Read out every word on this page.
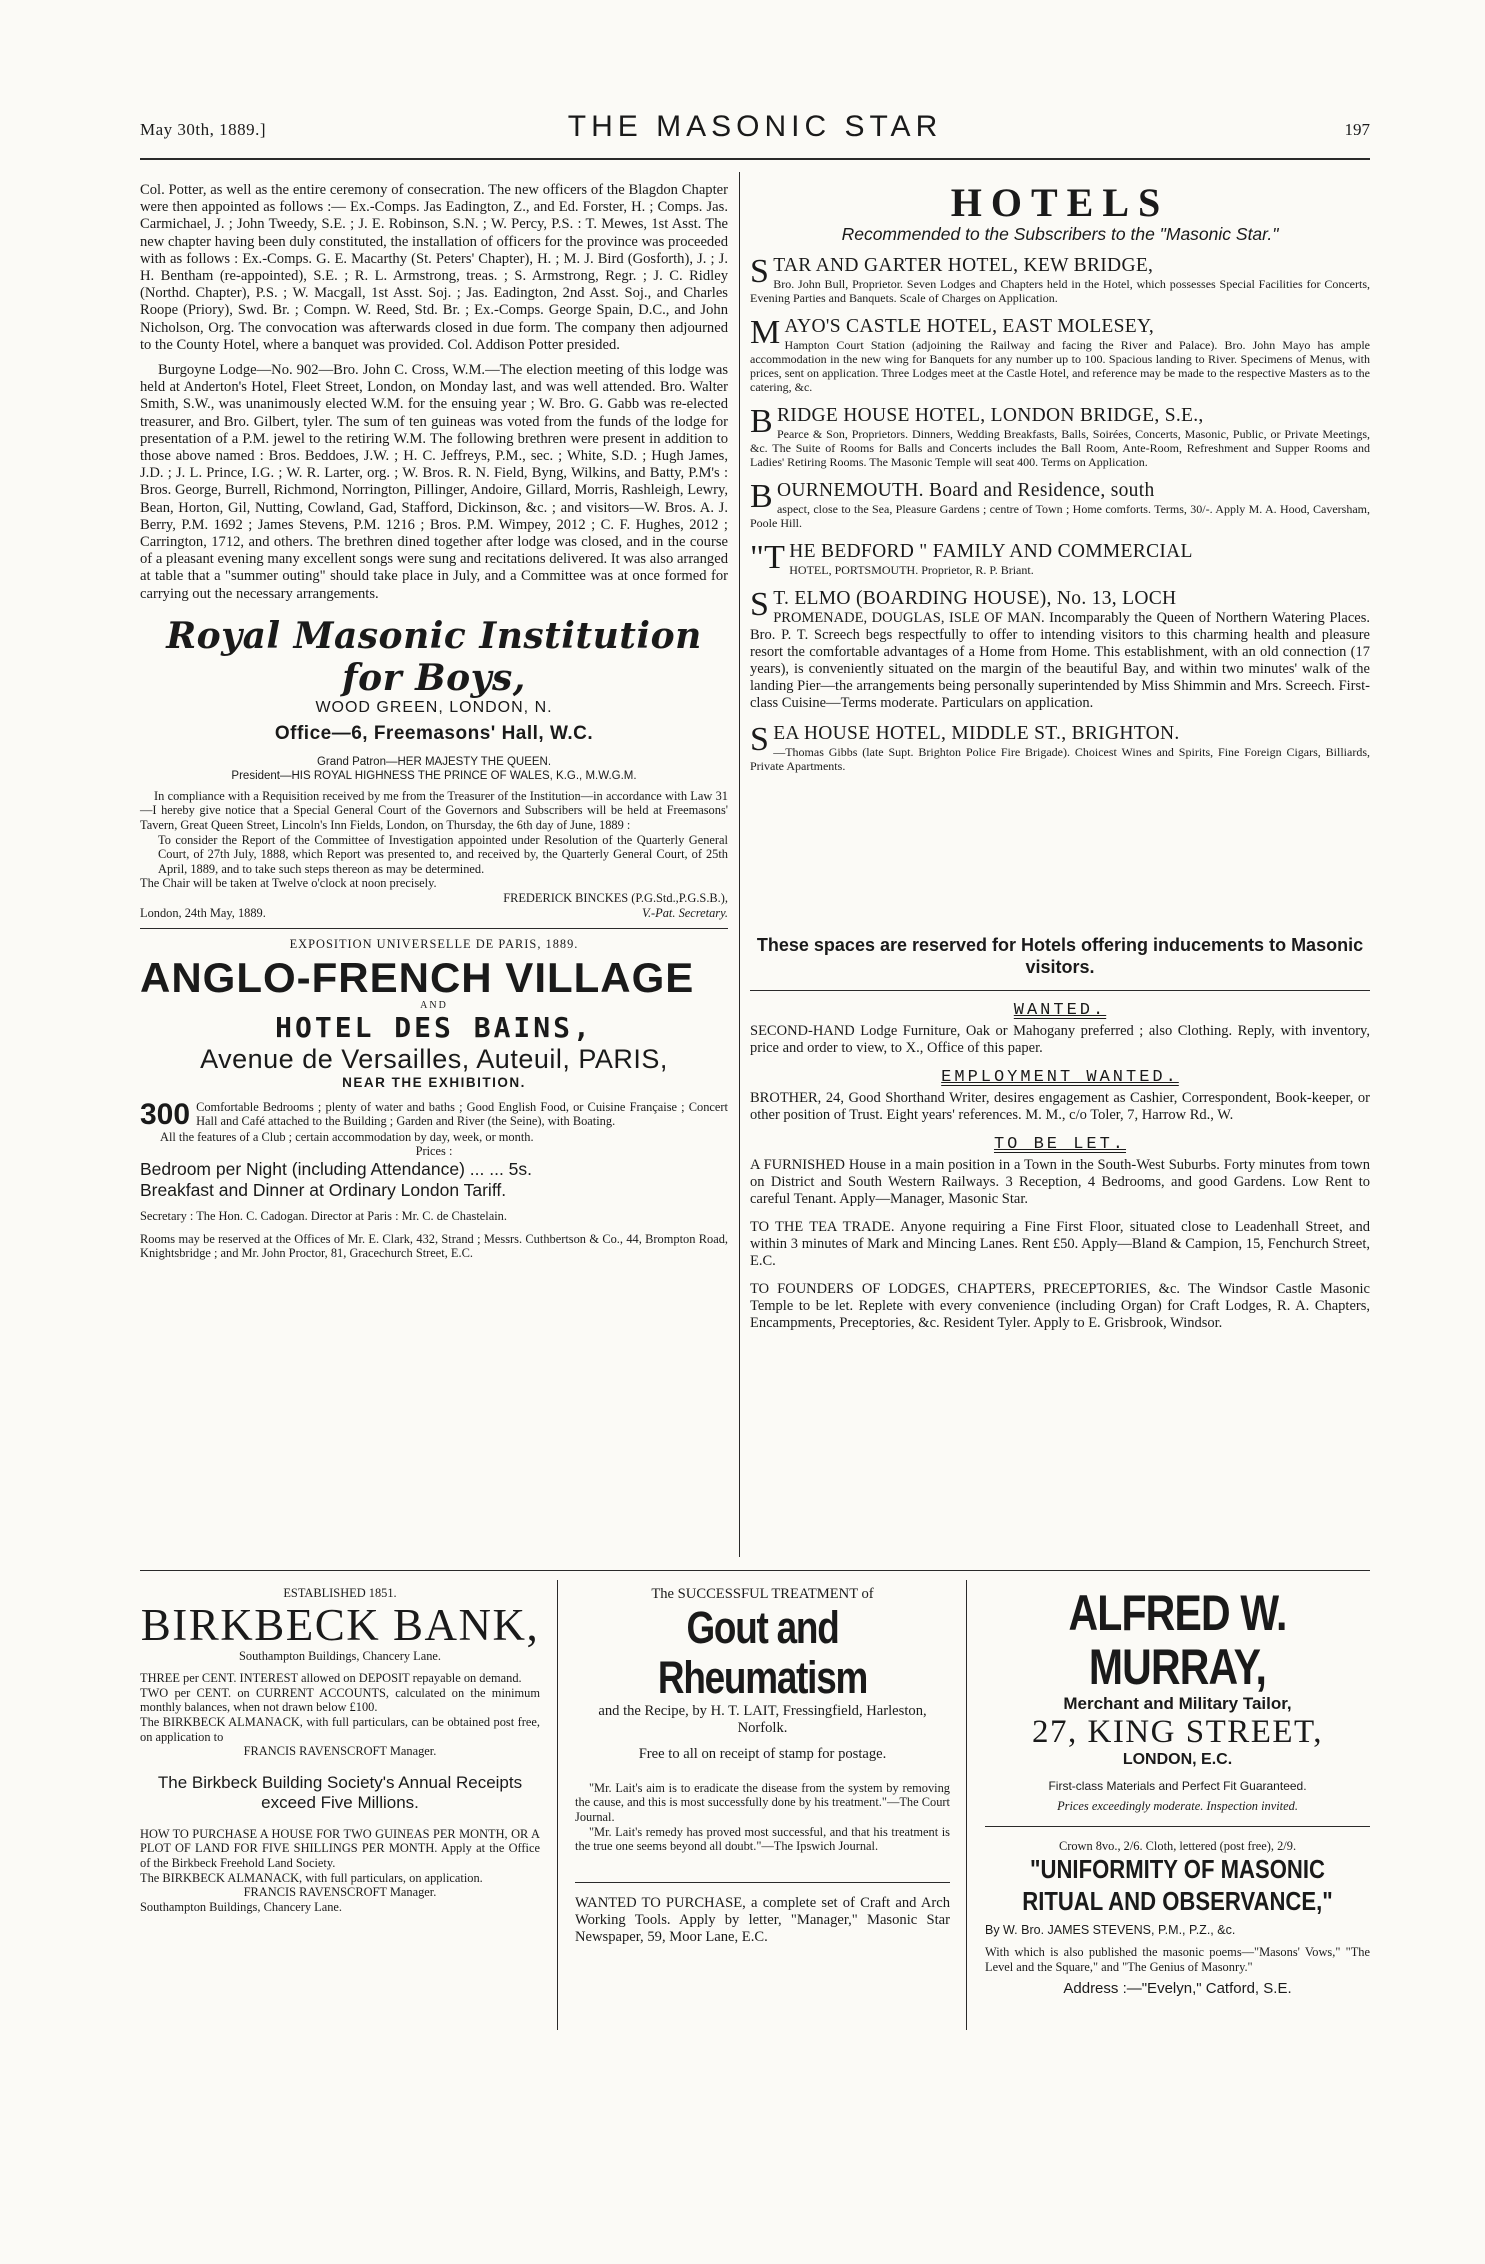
May 30th, 1889.]	THE MASONIC STAR	197
Col. Potter, as well as the entire ceremony of consecration. The new officers of the Blagdon Chapter were then appointed as follows :— Ex.-Comps. Jas Eadington, Z., and Ed. Forster, H. ; Comps. Jas. Carmichael, J. ; John Tweedy, S.E. ; J. E. Robinson, S.N. ; W. Percy, P.S. : T. Mewes, 1st Asst. The new chapter having been duly constituted, the installation of officers for the province was proceeded with as follows : Ex.-Comps. G. E. Macarthy (St. Peters' Chapter), H. ; M. J. Bird (Gosforth), J. ; J. H. Bentham (re-appointed), S.E. ; R. L. Armstrong, treas. ; S. Armstrong, Regr. ; J. C. Ridley (Northd. Chapter), P.S. ; W. Macgall, 1st Asst. Soj. ; Jas. Eadington, 2nd Asst. Soj., and Charles Roope (Priory), Swd. Br. ; Compn. W. Reed, Std. Br. ; Ex.-Comps. George Spain, D.C., and John Nicholson, Org. The convocation was afterwards closed in due form. The company then adjourned to the County Hotel, where a banquet was provided. Col. Addison Potter presided.
Burgoyne Lodge—No. 902—Bro. John C. Cross, W.M.—The election meeting of this lodge was held at Anderton's Hotel, Fleet Street, London, on Monday last, and was well attended. Bro. Walter Smith, S.W., was unanimously elected W.M. for the ensuing year ; W. Bro. G. Gabb was re-elected treasurer, and Bro. Gilbert, tyler. The sum of ten guineas was voted from the funds of the lodge for presentation of a P.M. jewel to the retiring W.M. The following brethren were present in addition to those above named : Bros. Beddoes, J.W. ; H. C. Jeffreys, P.M., sec. ; White, S.D. ; Hugh James, J.D. ; J. L. Prince, I.G. ; W. R. Larter, org. ; W. Bros. R. N. Field, Byng, Wilkins, and Batty, P.M's : Bros. George, Burrell, Richmond, Norrington, Pillinger, Andoire, Gillard, Morris, Rashleigh, Lewry, Bean, Horton, Gil, Nutting, Cowland, Gad, Stafford, Dickinson, &c. ; and visitors—W. Bros. A. J. Berry, P.M. 1692 ; James Stevens, P.M. 1216 ; Bros. P.M. Wimpey, 2012 ; C. F. Hughes, 2012 ; Carrington, 1712, and others. The brethren dined together after lodge was closed, and in the course of a pleasant evening many excellent songs were sung and recitations delivered. It was also arranged at table that a "summer outing" should take place in July, and a Committee was at once formed for carrying out the necessary arrangements.
Royal Masonic Institution for Boys,
WOOD GREEN, LONDON, N.
Office—6, Freemasons' Hall, W.C.
Grand Patron—HER MAJESTY THE QUEEN.
President—HIS ROYAL HIGHNESS THE PRINCE OF WALES, K.G., M.W.G.M.
In compliance with a Requisition received by me from the Treasurer of the Institution—in accordance with Law 31—I hereby give notice that a Special General Court of the Governors and Subscribers will be held at Freemasons' Tavern, Great Queen Street, Lincoln's Inn Fields, London, on Thursday, the 6th day of June, 1889 :
To consider the Report of the Committee of Investigation appointed under Resolution of the Quarterly General Court, of 27th July, 1888, which Report was presented to, and received by, the Quarterly General Court, of 25th April, 1889, and to take such steps thereon as may be determined.
The Chair will be taken at Twelve o'clock at noon precisely.
FREDERICK BINCKES (P.G.Std.,P.G.S.B.),
London, 24th May, 1889.	V.-Pat. Secretary.
EXPOSITION UNIVERSELLE DE PARIS, 1889.
ANGLO-FRENCH VILLAGE
AND
HOTEL DES BAINS,
Avenue de Versailles, Auteuil, PARIS,
NEAR THE EXHIBITION.
300 Comfortable Bedrooms ; plenty of water and baths ; Good English Food, or Cuisine Française ; Concert Hall and Café attached to the Building ; Garden and River (the Seine), with Boating.
All the features of a Club ; certain accommodation by day, week, or month.
Prices :
Bedroom per Night (including Attendance) ... ... 5s.
Breakfast and Dinner at Ordinary London Tariff.
Secretary : The Hon. C. Cadogan. Director at Paris : Mr. C. de Chastelain.
Rooms may be reserved at the Offices of Mr. E. Clark, 432, Strand ; Messrs. Cuthbertson & Co., 44, Brompton Road, Knightsbridge ; and Mr. John Proctor, 81, Gracechurch Street, E.C.
HOTELS
Recommended to the Subscribers to the "Masonic Star."
STAR AND GARTER HOTEL, KEW BRIDGE,
Bro. John Bull, Proprietor. Seven Lodges and Chapters held in the Hotel, which possesses Special Facilities for Concerts, Evening Parties and Banquets. Scale of Charges on Application.
MAYO'S CASTLE HOTEL, EAST MOLESEY,
Hampton Court Station (adjoining the Railway and facing the River and Palace). Bro. John Mayo has ample accommodation in the new wing for Banquets for any number up to 100. Spacious landing to River. Specimens of Menus, with prices, sent on application. Three Lodges meet at the Castle Hotel, and reference may be made to the respective Masters as to the catering, &c.
BRIDGE HOUSE HOTEL, LONDON BRIDGE, S.E.,
Pearce & Son, Proprietors. Dinners, Wedding Breakfasts, Balls, Soirées, Concerts, Masonic, Public, or Private Meetings, &c. The Suite of Rooms for Balls and Concerts includes the Ball Room, Ante-Room, Refreshment and Supper Rooms and Ladies' Retiring Rooms. The Masonic Temple will seat 400. Terms on Application.
BOURNEMOUTH. Board and Residence, south
aspect, close to the Sea, Pleasure Gardens ; centre of Town ; Home comforts. Terms, 30/-. Apply M. A. Hood, Caversham, Poole Hill.
"THE BEDFORD " FAMILY AND COMMERCIAL
HOTEL, PORTSMOUTH. Proprietor, R. P. Briant.
S T. ELMO (BOARDING HOUSE), No. 13, LOCH
PROMENADE, DOUGLAS, ISLE OF MAN. Incomparably the Queen of Northern Watering Places. Bro. P. T. Screech begs respectfully to offer to intending visitors to this charming health and pleasure resort the comfortable advantages of a Home from Home. This establishment, with an old connection (17 years), is conveniently situated on the margin of the beautiful Bay, and within two minutes' walk of the landing Pier—the arrangements being personally superintended by Miss Shimmin and Mrs. Screech. First-class Cuisine—Terms moderate. Particulars on application.
SEA HOUSE HOTEL, MIDDLE ST., BRIGHTON.
—Thomas Gibbs (late Supt. Brighton Police Fire Brigade). Choicest Wines and Spirits, Fine Foreign Cigars, Billiards, Private Apartments.
These spaces are reserved for Hotels offering inducements to Masonic visitors.
WANTED.
SECOND-HAND Lodge Furniture, Oak or Mahogany preferred ; also Clothing. Reply, with inventory, price and order to view, to X., Office of this paper.
EMPLOYMENT WANTED.
BROTHER, 24, Good Shorthand Writer, desires engagement as Cashier, Correspondent, Book-keeper, or other position of Trust. Eight years' references. M. M., c/o Toler, 7, Harrow Rd., W.
TO BE LET.
A FURNISHED House in a main position in a Town in the South-West Suburbs. Forty minutes from town on District and South Western Railways. 3 Reception, 4 Bedrooms, and good Gardens. Low Rent to careful Tenant. Apply—Manager, Masonic Star.
TO THE TEA TRADE. Anyone requiring a Fine First Floor, situated close to Leadenhall Street, and within 3 minutes of Mark and Mincing Lanes. Rent £50. Apply—Bland & Campion, 15, Fenchurch Street, E.C.
TO FOUNDERS OF LODGES, CHAPTERS, PRECEPTORIES, &c. The Windsor Castle Masonic Temple to be let. Replete with every convenience (including Organ) for Craft Lodges, R. A. Chapters, Encampments, Preceptories, &c. Resident Tyler. Apply to E. Grisbrook, Windsor.
ESTABLISHED 1851.
BIRKBECK BANK,
Southampton Buildings, Chancery Lane.
THREE per CENT. INTEREST allowed on DEPOSIT repayable on demand.
TWO per CENT. on CURRENT ACCOUNTS, calculated on the minimum monthly balances, when not drawn below £100.
The BIRKBECK ALMANACK, with full particulars, can be obtained post free, on application to
FRANCIS RAVENSCROFT Manager.
The Birkbeck Building Society's Annual Receipts exceed Five Millions.
HOW TO PURCHASE A HOUSE FOR TWO GUINEAS PER MONTH, OR A PLOT OF LAND FOR FIVE SHILLINGS PER MONTH. Apply at the Office of the Birkbeck Freehold Land Society.
The BIRKBECK ALMANACK, with full particulars, on application.
FRANCIS RAVENSCROFT Manager.
Southampton Buildings, Chancery Lane.
The SUCCESSFUL TREATMENT of
Gout and Rheumatism
and the Recipe, by H. T. LAIT, Fressingfield, Harleston, Norfolk.
Free to all on receipt of stamp for postage.
"Mr. Lait's aim is to eradicate the disease from the system by removing the cause, and this is most successfully done by his treatment."—The Court Journal.
"Mr. Lait's remedy has proved most successful, and that his treatment is the true one seems beyond all doubt."—The Ipswich Journal.
WANTED TO PURCHASE, a complete set of Craft and Arch Working Tools. Apply by letter, "Manager," Masonic Star Newspaper, 59, Moor Lane, E.C.
ALFRED W. MURRAY,
Merchant and Military Tailor,
27, KING STREET,
LONDON, E.C.
First-class Materials and Perfect Fit Guaranteed.
Prices exceedingly moderate. Inspection invited.
Crown 8vo., 2/6. Cloth, lettered (post free), 2/9.
"UNIFORMITY OF MASONIC RITUAL AND OBSERVANCE,"
By W. Bro. JAMES STEVENS, P.M., P.Z., &c.
With which is also published the masonic poems—"Masons' Vows," "The Level and the Square," and "The Genius of Masonry."
Address :—"Evelyn," Catford, S.E.
